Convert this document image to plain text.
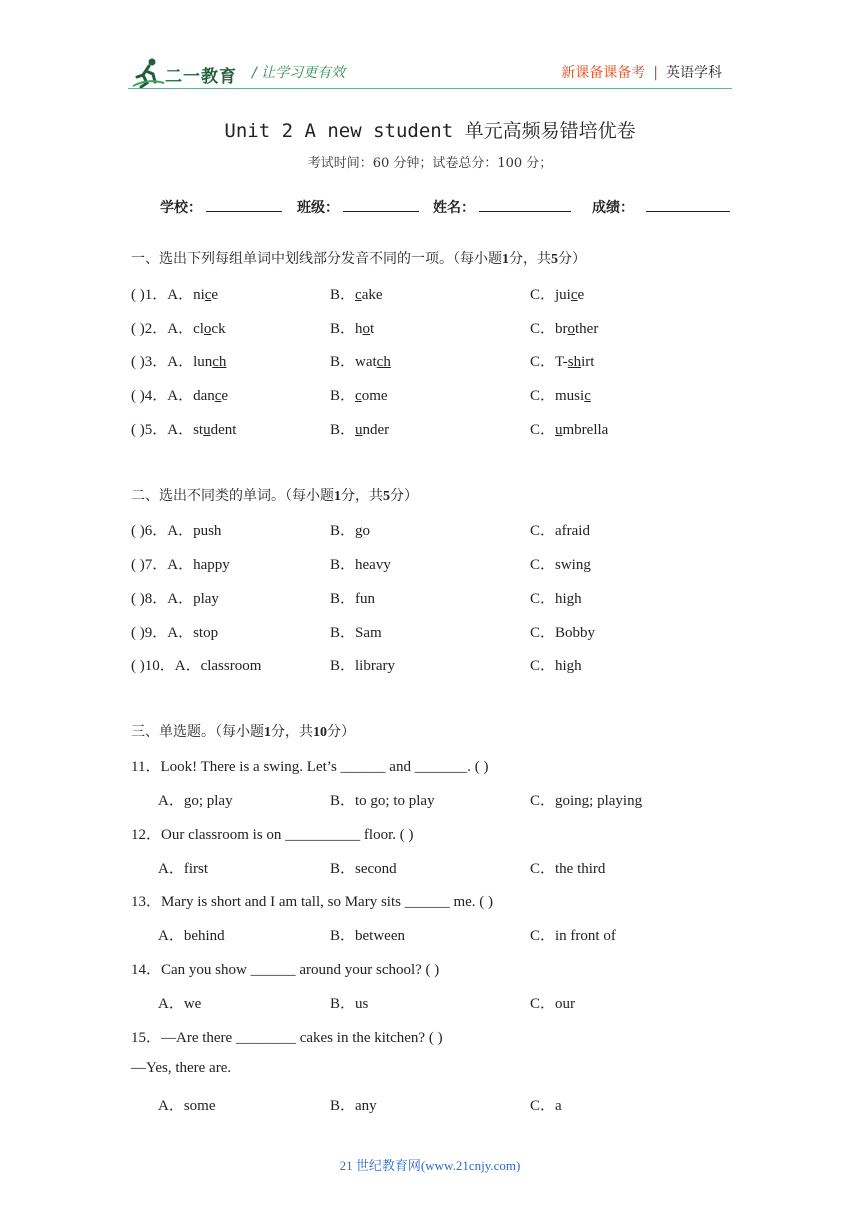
二一教育 / 让学习更有效	新课备课备考 | 英语学科
Unit 2 A new student 单元高频易错培优卷
考试时间：60 分钟；试卷总分：100 分；
学校：	班级：	姓名：	成绩：
一、选出下列每组单词中划线部分发音不同的一项。（每小题1分，共5分）
( )1．A．nice	B．cake	C．juice
( )2．A．clock	B．hot	C．brother
( )3．A．lunch	B．watch	C．T-shirt
( )4．A．dance	B．come	C．music
( )5．A．student	B．under	C．umbrella
二、选出不同类的单词。（每小题1分，共5分）
( )6．A．push	B．go	C．afraid
( )7．A．happy	B．heavy	C．swing
( )8．A．play	B．fun	C．high
( )9．A．stop	B．Sam	C．Bobby
( )10．A．classroom	B．library	C．high
三、单选题。（每小题1分，共10分）
11．Look! There is a swing. Let’s ______ and _______. ( )
A．go; play	B．to go; to play	C．going; playing
12．Our classroom is on __________ floor. ( )
A．first	B．second	C．the third
13．Mary is short and I am tall, so Mary sits ______ me. ( )
A．behind	B．between	C．in front of
14．Can you show ______ around your school? ( )
A．we	B．us	C．our
15．—Are there ________ cakes in the kitchen? ( )
—Yes, there are.
A．some	B．any	C．a
21 世纪教育网(www.21cnjy.com)
